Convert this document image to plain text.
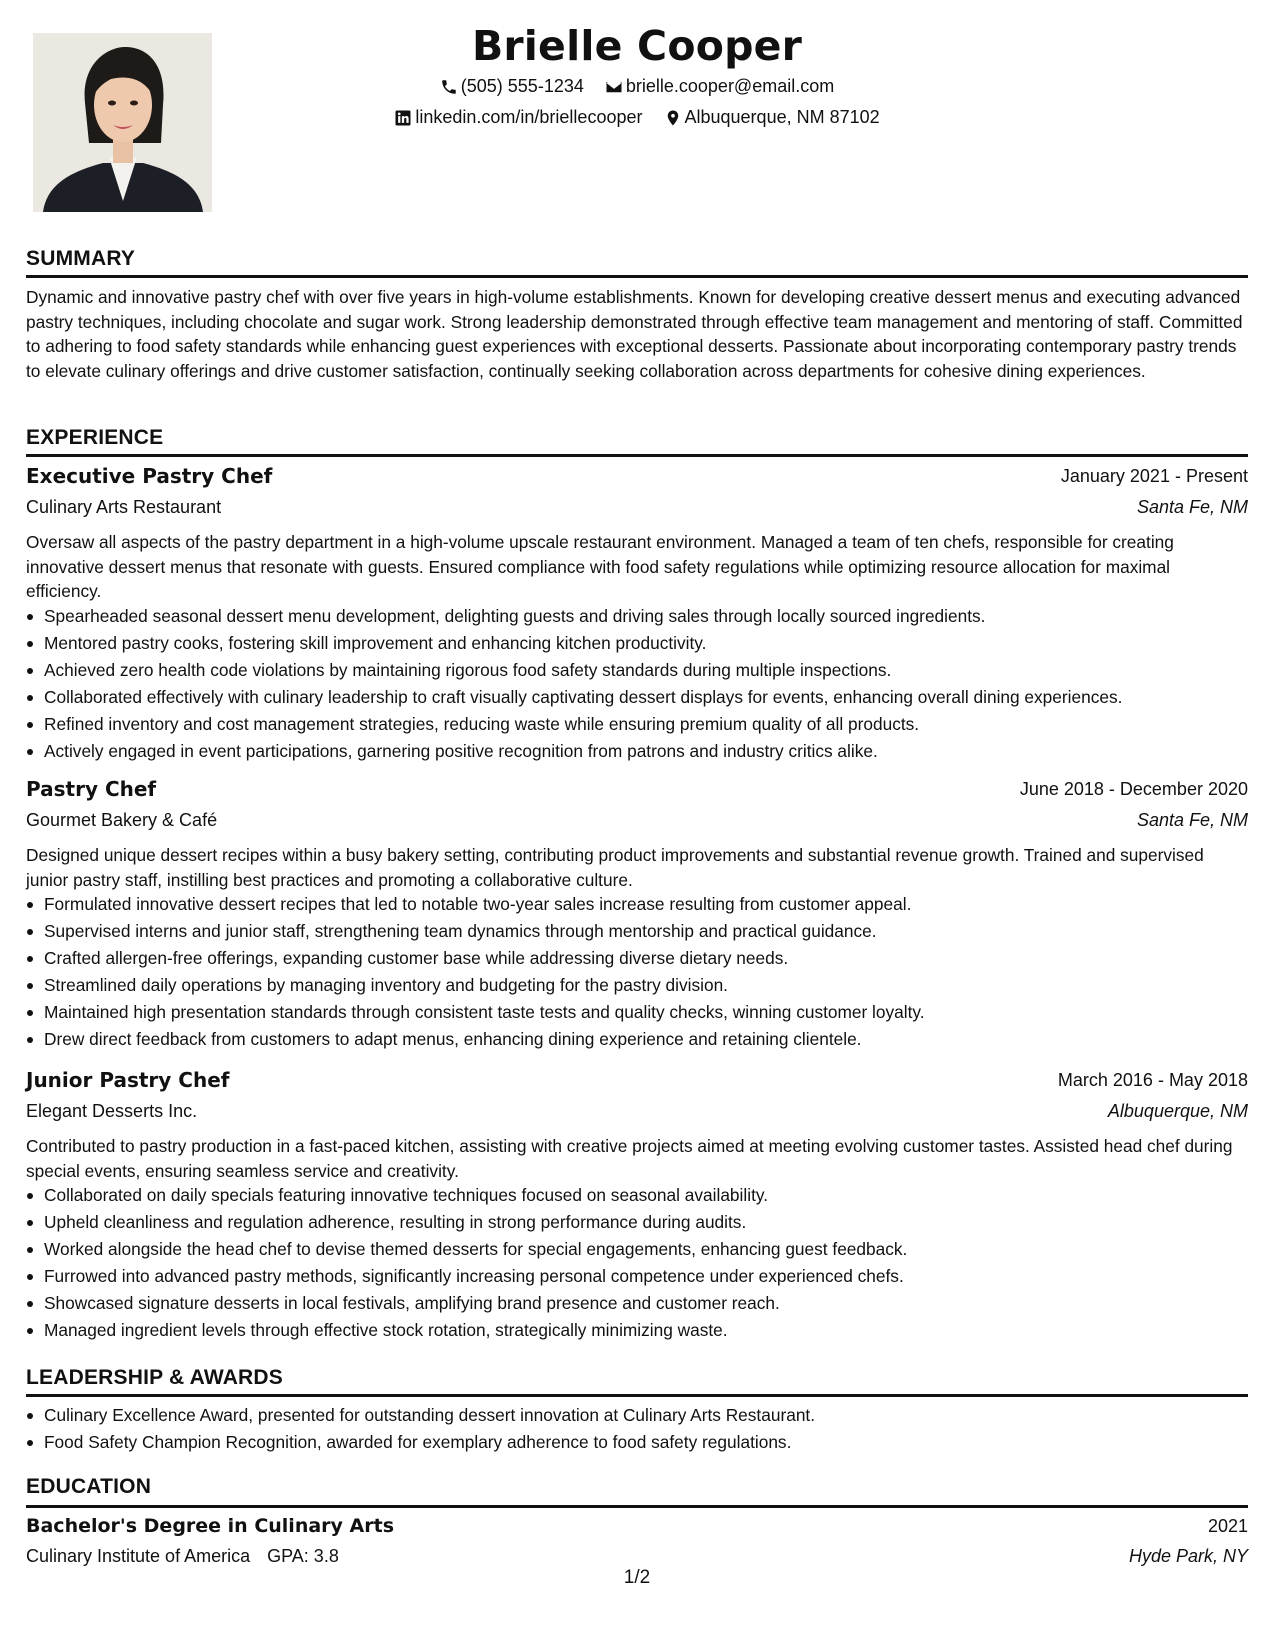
Brielle Cooper
(505) 555-1234
brielle.cooper@email.com
linkedin.com/in/briellecooper
Albuquerque, NM 87102
SUMMARY
Dynamic and innovative pastry chef with over five years in high-volume establishments. Known for developing creative dessert menus and executing advanced pastry techniques, including chocolate and sugar work. Strong leadership demonstrated through effective team management and mentoring of staff. Committed to adhering to food safety standards while enhancing guest experiences with exceptional desserts. Passionate about incorporating contemporary pastry trends to elevate culinary offerings and drive customer satisfaction, continually seeking collaboration across departments for cohesive dining experiences.
EXPERIENCE
Executive Pastry Chef	January 2021 - Present
Culinary Arts Restaurant	Santa Fe, NM
Oversaw all aspects of the pastry department in a high-volume upscale restaurant environment. Managed a team of ten chefs, responsible for creating innovative dessert menus that resonate with guests. Ensured compliance with food safety regulations while optimizing resource allocation for maximal efficiency.
Spearheaded seasonal dessert menu development, delighting guests and driving sales through locally sourced ingredients.
Mentored pastry cooks, fostering skill improvement and enhancing kitchen productivity.
Achieved zero health code violations by maintaining rigorous food safety standards during multiple inspections.
Collaborated effectively with culinary leadership to craft visually captivating dessert displays for events, enhancing overall dining experiences.
Refined inventory and cost management strategies, reducing waste while ensuring premium quality of all products.
Actively engaged in event participations, garnering positive recognition from patrons and industry critics alike.
Pastry Chef	June 2018 - December 2020
Gourmet Bakery & Café	Santa Fe, NM
Designed unique dessert recipes within a busy bakery setting, contributing product improvements and substantial revenue growth. Trained and supervised junior pastry staff, instilling best practices and promoting a collaborative culture.
Formulated innovative dessert recipes that led to notable two-year sales increase resulting from customer appeal.
Supervised interns and junior staff, strengthening team dynamics through mentorship and practical guidance.
Crafted allergen-free offerings, expanding customer base while addressing diverse dietary needs.
Streamlined daily operations by managing inventory and budgeting for the pastry division.
Maintained high presentation standards through consistent taste tests and quality checks, winning customer loyalty.
Drew direct feedback from customers to adapt menus, enhancing dining experience and retaining clientele.
Junior Pastry Chef	March 2016 - May 2018
Elegant Desserts Inc.	Albuquerque, NM
Contributed to pastry production in a fast-paced kitchen, assisting with creative projects aimed at meeting evolving customer tastes. Assisted head chef during special events, ensuring seamless service and creativity.
Collaborated on daily specials featuring innovative techniques focused on seasonal availability.
Upheld cleanliness and regulation adherence, resulting in strong performance during audits.
Worked alongside the head chef to devise themed desserts for special engagements, enhancing guest feedback.
Furrowed into advanced pastry methods, significantly increasing personal competence under experienced chefs.
Showcased signature desserts in local festivals, amplifying brand presence and customer reach.
Managed ingredient levels through effective stock rotation, strategically minimizing waste.
LEADERSHIP & AWARDS
Culinary Excellence Award, presented for outstanding dessert innovation at Culinary Arts Restaurant.
Food Safety Champion Recognition, awarded for exemplary adherence to food safety regulations.
EDUCATION
Bachelor's Degree in Culinary Arts	2021
Culinary Institute of America GPA: 3.8	Hyde Park, NY
1/2
